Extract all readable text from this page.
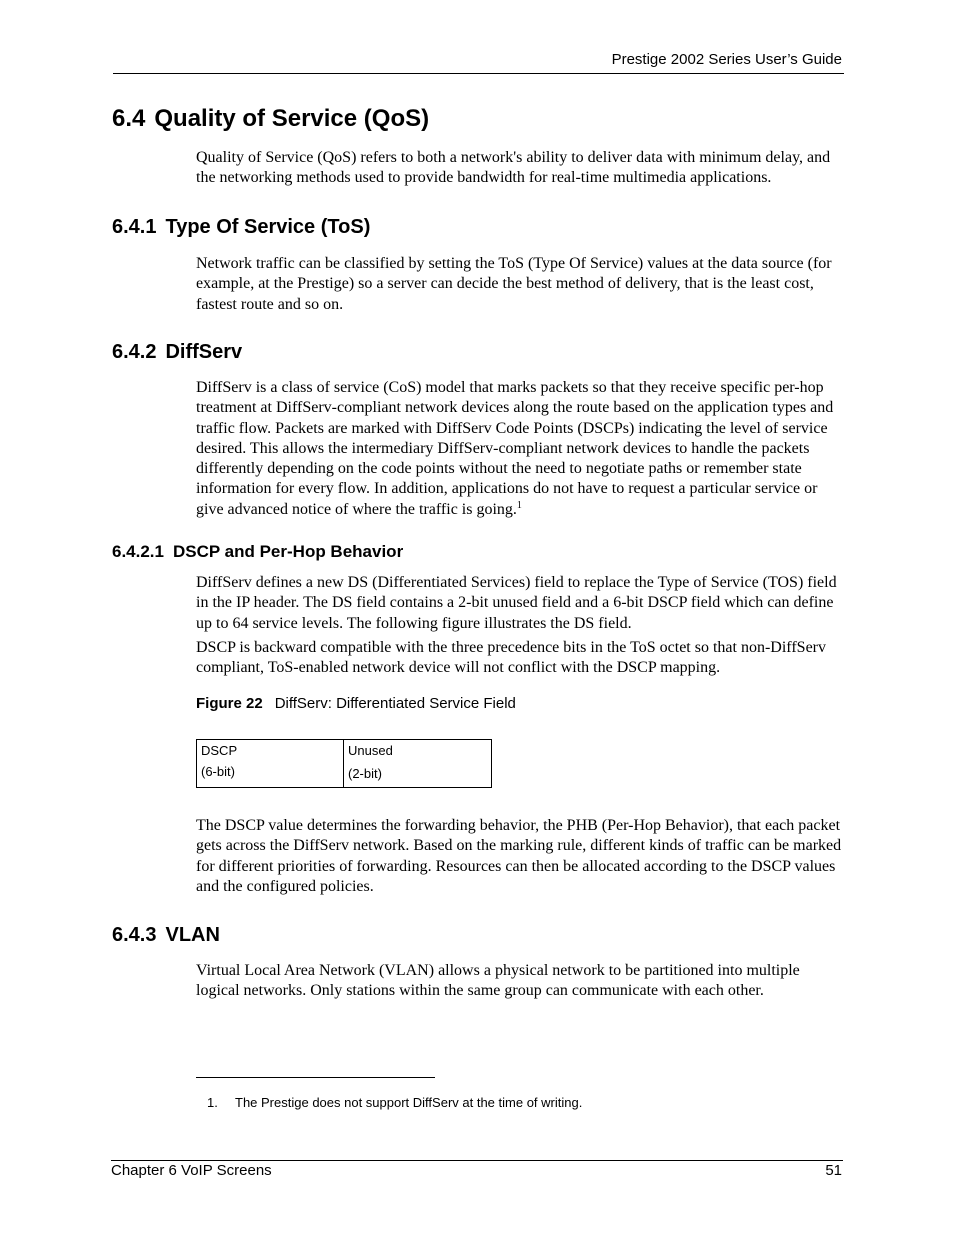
Prestige 2002 Series User’s Guide
6.4 Quality of Service (QoS)

Quality of Service (QoS) refers to both a network's ability to deliver data with minimum delay, and the networking methods used to provide bandwidth for real-time multimedia applications.

6.4.1 Type Of Service (ToS)

Network traffic can be classified by setting the ToS (Type Of Service) values at the data source (for example, at the Prestige) so a server can decide the best method of delivery, that is the least cost, fastest route and so on.

6.4.2 DiffServ

DiffServ is a class of service (CoS) model that marks packets so that they receive specific per-hop treatment at DiffServ-compliant network devices along the route based on the application types and traffic flow. Packets are marked with DiffServ Code Points (DSCPs) indicating the level of service desired. This allows the intermediary DiffServ-compliant network devices to handle the packets differently depending on the code points without the need to negotiate paths or remember state information for every flow. In addition, applications do not have to request a particular service or give advanced notice of where the traffic is going.$^1$

6.4.2.1 DSCP and Per-Hop Behavior

DiffServ defines a new DS (Differentiated Services) field to replace the Type of Service (TOS) field in the IP header. The DS field contains a 2-bit unused field and a 6-bit DSCP field which can define up to 64 service levels. The following figure illustrates the DS field.

DSCP is backward compatible with the three precedence bits in the ToS octet so that non-DiffServ compliant, ToS-enabled network device will not conflict with the DSCP mapping.

Figure 22 DiffServ: Differentiated Service Field
DSCP
(6-bit)
Unused
(2-bit)

The DSCP value determines the forwarding behavior, the PHB (Per-Hop Behavior), that each packet gets across the DiffServ network. Based on the marking rule, different kinds of traffic can be marked for different priorities of forwarding. Resources can then be allocated according to the DSCP values and the configured policies.

6.4.3 VLAN

Virtual Local Area Network (VLAN) allows a physical network to be partitioned into multiple logical networks. Only stations within the same group can communicate with each other.

1. The Prestige does not support DiffServ at the time of writing.
Chapter 6 VoIP Screens	51
